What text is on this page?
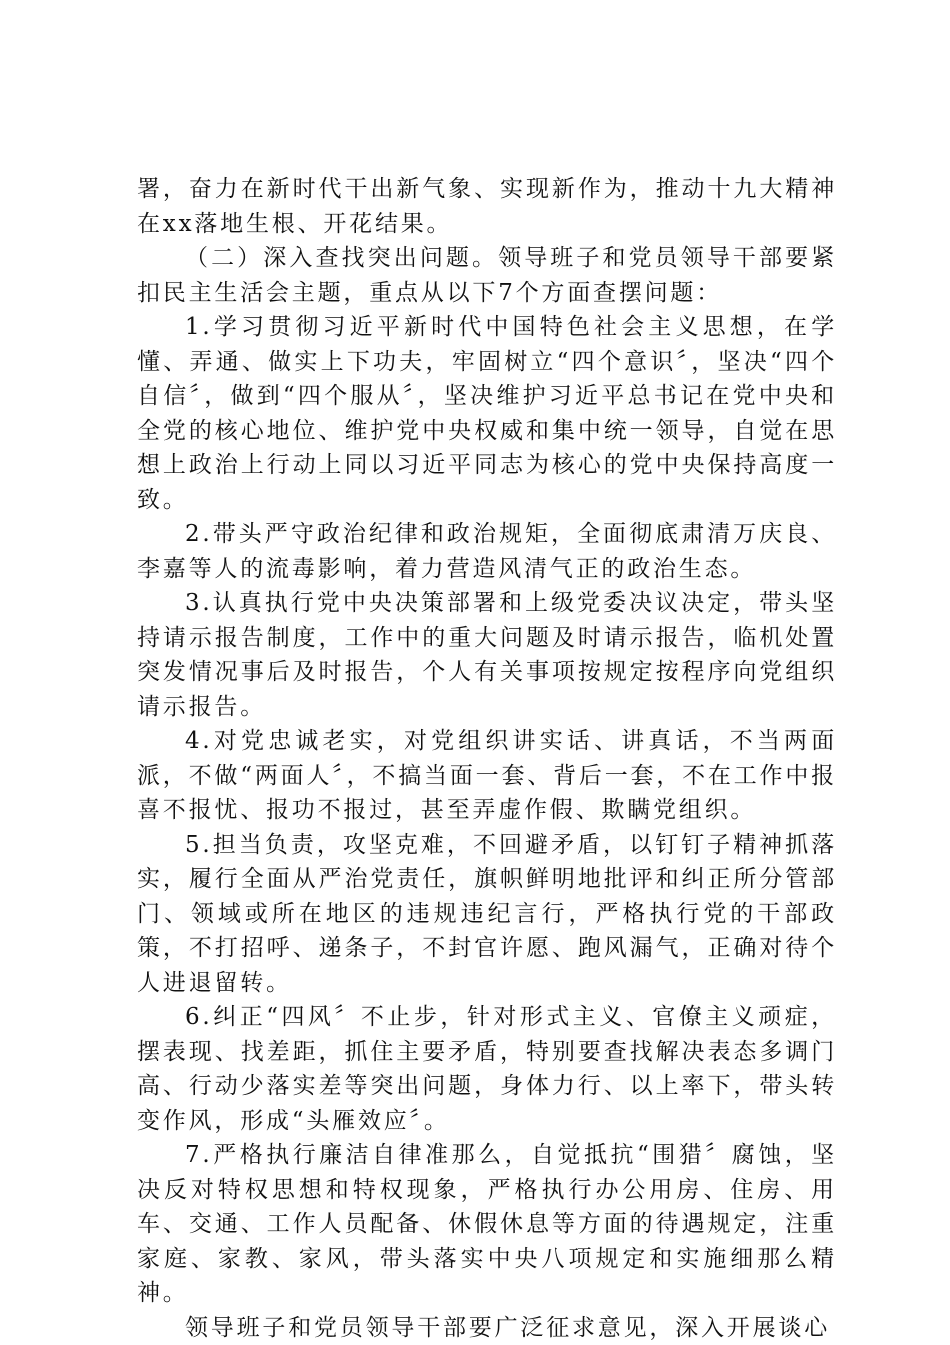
署，奋力在新时代干出新气象、实现新作为，推动十九大精神在xx落地生根、开花结果。

（二）深入查找突出问题。领导班子和党员领导干部要紧扣民主生活会主题，重点从以下7个方面查摆问题：

1.学习贯彻习近平新时代中国特色社会主义思想，在学懂、弄通、做实上下功夫，牢固树立“四个意识〞，坚决“四个自信〞，做到“四个服从〞，坚决维护习近平总书记在党中央和全党的核心地位、维护党中央权威和集中统一领导，自觉在思想上政治上行动上同以习近平同志为核心的党中央保持高度一致。

2.带头严守政治纪律和政治规矩，全面彻底肃清万庆良、李嘉等人的流毒影响，着力营造风清气正的政治生态。

3.认真执行党中央决策部署和上级党委决议决定，带头坚持请示报告制度，工作中的重大问题及时请示报告，临机处置突发情况事后及时报告，个人有关事项按规定按程序向党组织请示报告。

4.对党忠诚老实，对党组织讲实话、讲真话，不当两面派，不做“两面人〞，不搞当面一套、背后一套，不在工作中报喜不报忧、报功不报过，甚至弄虚作假、欺瞒党组织。

5.担当负责，攻坚克难，不回避矛盾，以钉钉子精神抓落实，履行全面从严治党责任，旗帜鲜明地批评和纠正所分管部门、领域或所在地区的违规违纪言行，严格执行党的干部政策，不打招呼、递条子，不封官许愿、跑风漏气，正确对待个人进退留转。

6.纠正“四风〞不止步，针对形式主义、官僚主义顽症，摆表现、找差距，抓住主要矛盾，特别要查找解决表态多调门高、行动少落实差等突出问题，身体力行、以上率下，带头转变作风，形成“头雁效应〞。

7.严格执行廉洁自律准那么，自觉抵抗“围猎〞腐蚀，坚决反对特权思想和特权现象，严格执行办公用房、住房、用车、交通、工作人员配备、休假休息等方面的待遇规定，注重家庭、家教、家风，带头落实中央八项规定和实施细那么精神。

领导班子和党员领导干部要广泛征求意见，深入开展谈心
